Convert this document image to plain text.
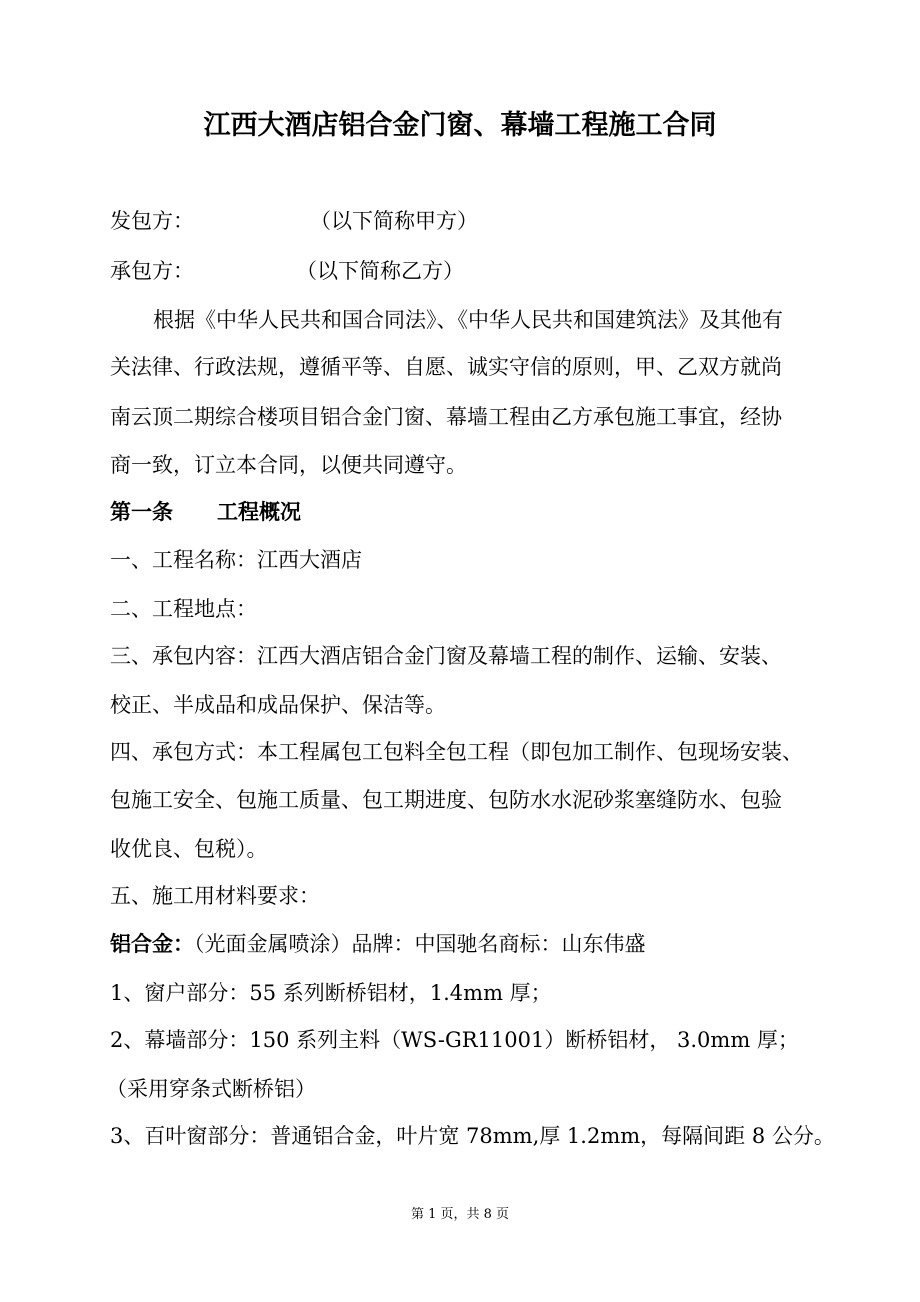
江西大酒店铝合金门窗、幕墙工程施工合同
发包方：	（以下简称甲方）
承包方：	（以下简称乙方）
根据《中华人民共和国合同法》、《中华人民共和国建筑法》及其他有
关法律、行政法规，遵循平等、自愿、诚实守信的原则，甲、乙双方就尚
南云顶二期综合楼项目铝合金门窗、幕墙工程由乙方承包施工事宜，经协
商一致，订立本合同，以便共同遵守。
第一条 工程概况
一、工程名称：江西大酒店
二、工程地点：
三、承包内容：江西大酒店铝合金门窗及幕墙工程的制作、运输、安装、
校正、半成品和成品保护、保洁等。
四、承包方式：本工程属包工包料全包工程（即包加工制作、包现场安装、
包施工安全、包施工质量、包工期进度、包防水水泥砂浆塞缝防水、包验
收优良、包税）。
五、施工用材料要求：
铝合金：（光面金属喷涂）品牌：中国驰名商标：山东伟盛
1、窗户部分：55 系列断桥铝材，1.4mm 厚；
2、幕墙部分：150 系列主料（WS-GR11001）断桥铝材， 3.0mm 厚；
（采用穿条式断桥铝）
3、百叶窗部分：普通铝合金，叶片宽 78mm,厚 1.2mm，每隔间距 8 公分。
第 1 页，共 8 页
